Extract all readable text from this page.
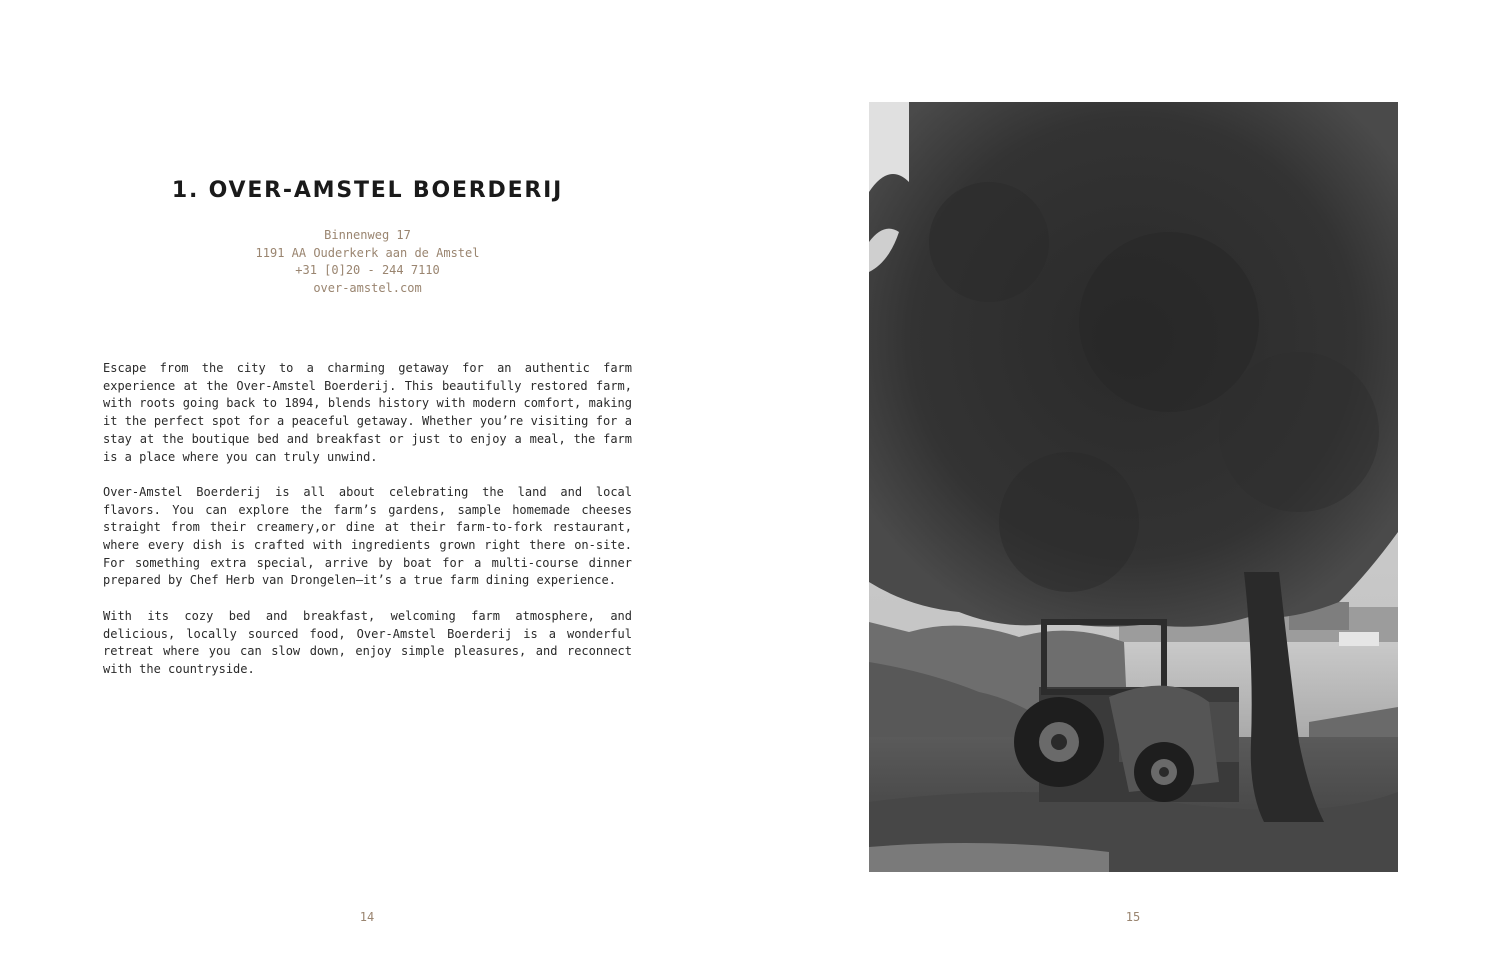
1. OVER-AMSTEL BOERDERIJ
Binnenweg 17
1191 AA Ouderkerk aan de Amstel
+31 [0]20 - 244 7110
over-amstel.com

Escape from the city to a charming getaway for an authentic farm experience at the Over-Amstel Boerderij. This beautifully restored farm, with roots going back to 1894, blends history with modern comfort, making it the perfect spot for a peaceful getaway. Whether you’re visiting for a stay at the boutique bed and breakfast or just to enjoy a meal, the farm is a place where you can truly unwind.

Over-Amstel Boerderij is all about celebrating the land and local flavors. You can explore the farm’s gardens, sample homemade cheeses straight from their creamery,or dine at their farm-to-fork restaurant, where every dish is crafted with ingredients grown right there on-site. For something extra special, arrive by boat for a multi-course dinner prepared by Chef Herb van Drongelen—it’s a true farm dining experience.

With its cozy bed and breakfast, welcoming farm atmosphere, and delicious, locally sourced food, Over-Amstel Boerderij is a wonderful retreat where you can slow down, enjoy simple pleasures, and reconnect with the countryside.

14	15
